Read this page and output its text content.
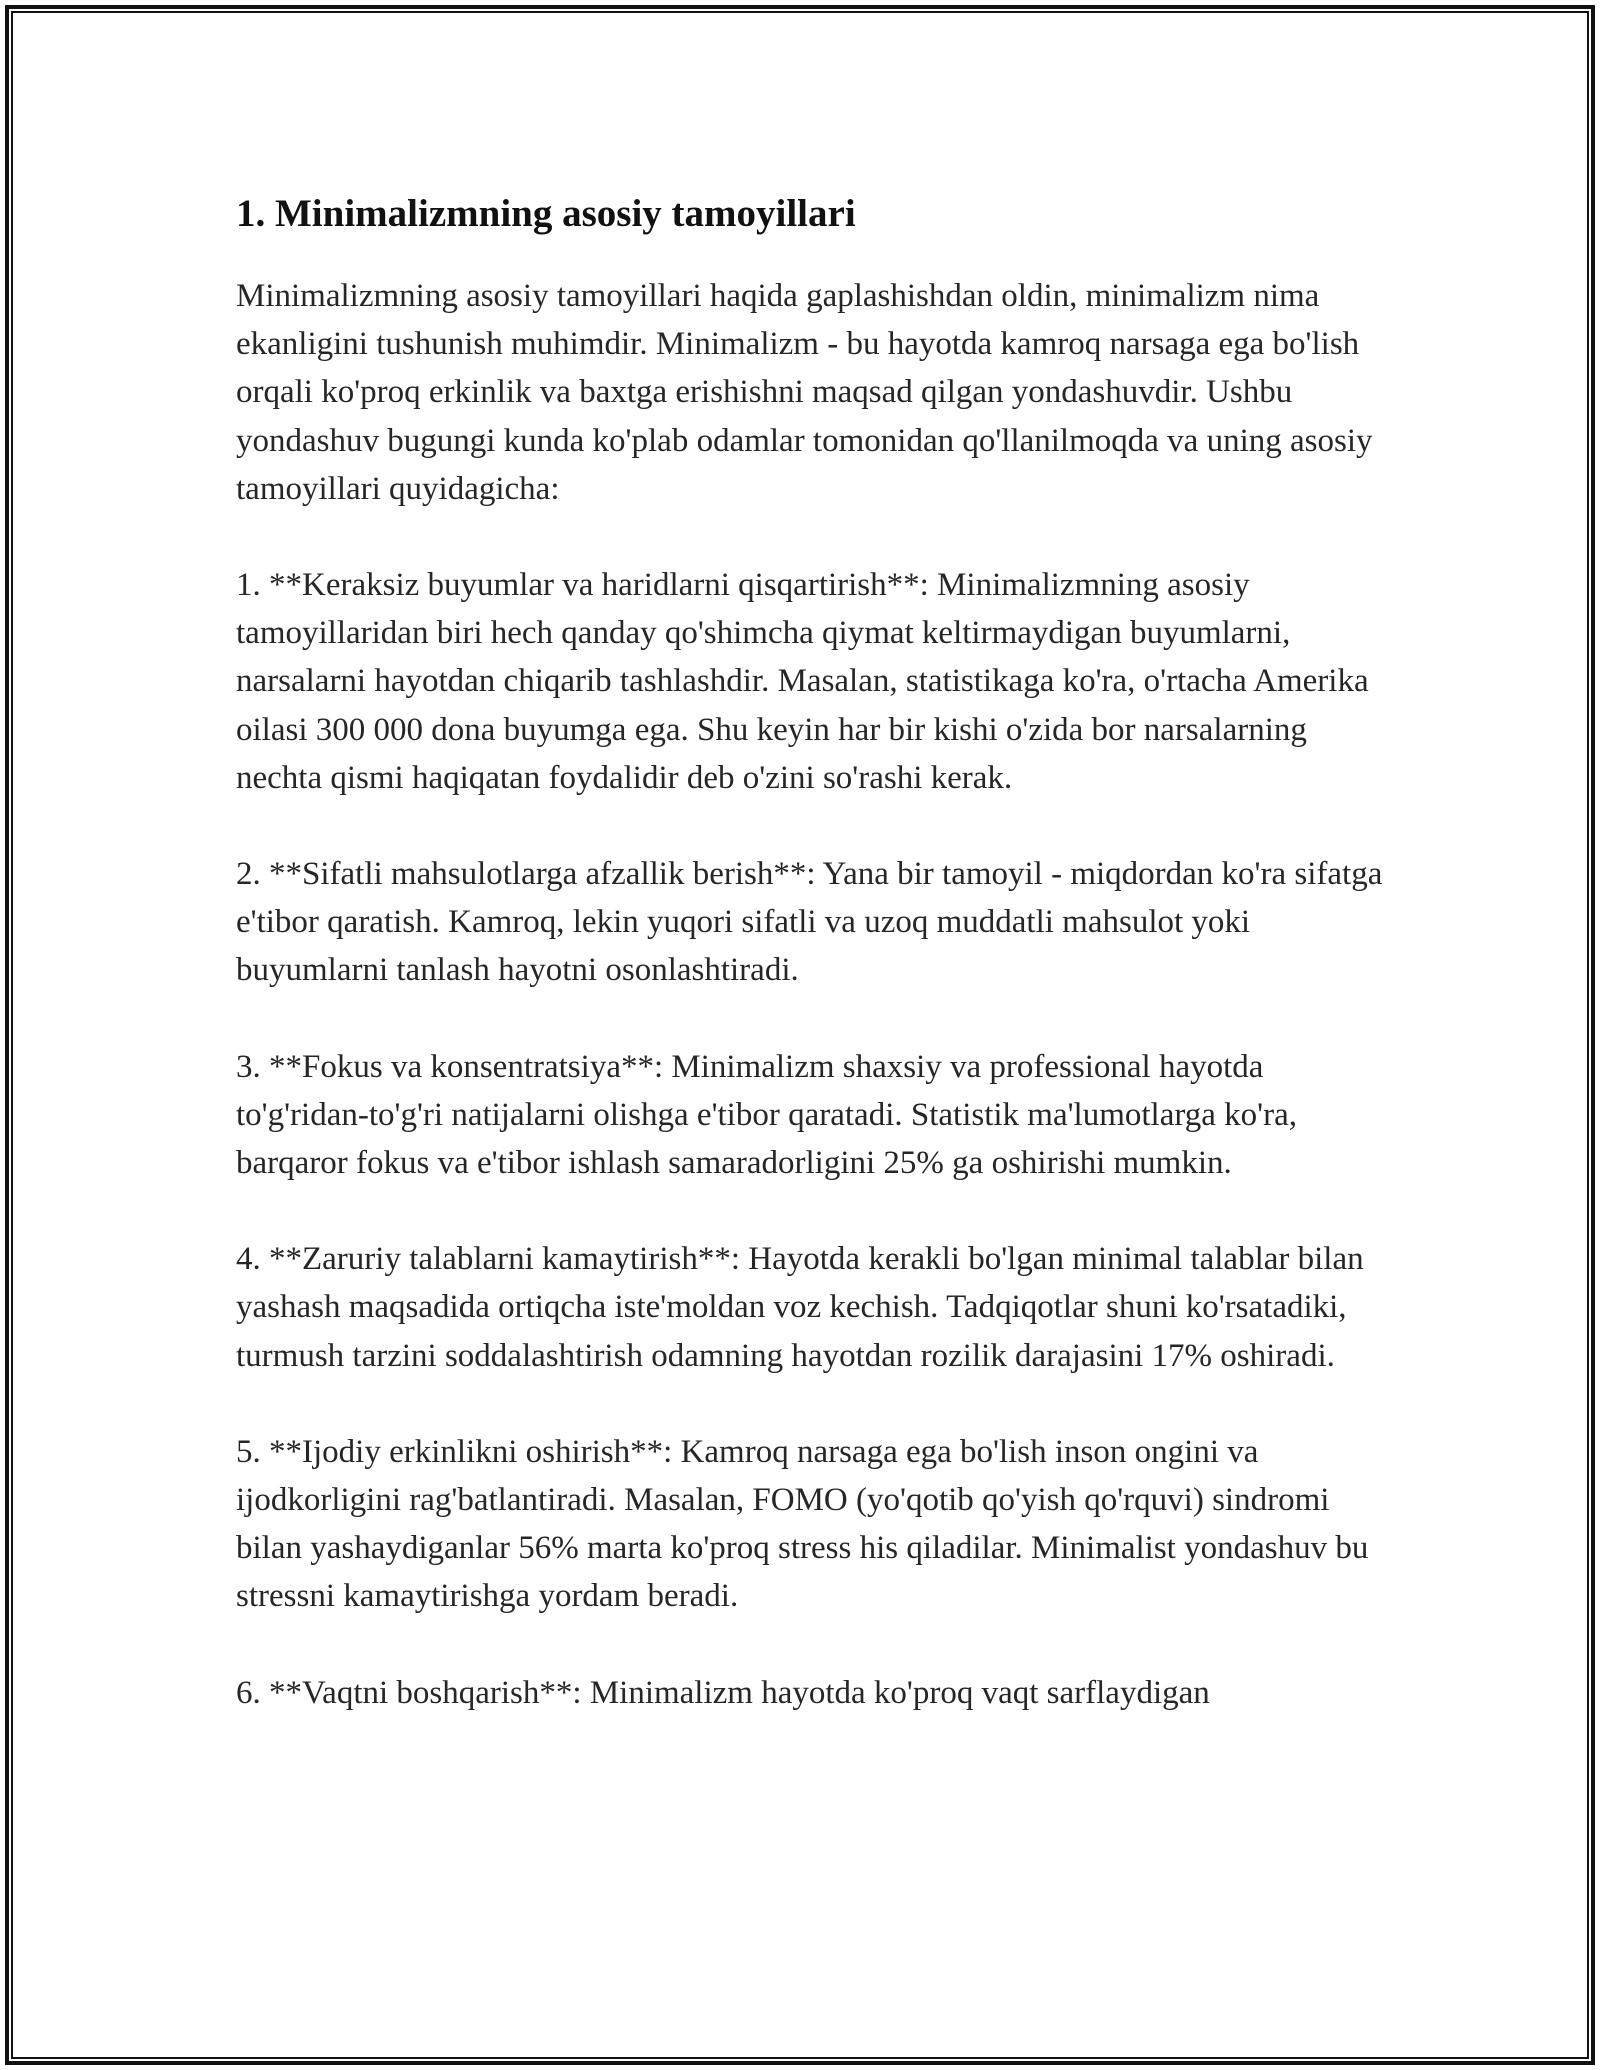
1. Minimalizmning asosiy tamoyillari

Minimalizmning asosiy tamoyillari haqida gaplashishdan oldin, minimalizm nima ekanligini tushunish muhimdir. Minimalizm - bu hayotda kamroq narsaga ega bo'lish orqali ko'proq erkinlik va baxtga erishishni maqsad qilgan yondashuvdir. Ushbu yondashuv bugungi kunda ko'plab odamlar tomonidan qo'llanilmoqda va uning asosiy tamoyillari quyidagicha:

1. **Keraksiz buyumlar va haridlarni qisqartirish**: Minimalizmning asosiy tamoyillaridan biri hech qanday qo'shimcha qiymat keltirmaydigan buyumlarni, narsalarni hayotdan chiqarib tashlashdir. Masalan, statistikaga ko'ra, o'rtacha Amerika oilasi 300 000 dona buyumga ega. Shu keyin har bir kishi o'zida bor narsalarning nechta qismi haqiqatan foydalidir deb o'zini so'rashi kerak.

2. **Sifatli mahsulotlarga afzallik berish**: Yana bir tamoyil - miqdordan ko'ra sifatga e'tibor qaratish. Kamroq, lekin yuqori sifatli va uzoq muddatli mahsulot yoki buyumlarni tanlash hayotni osonlashtiradi.

3. **Fokus va konsentratsiya**: Minimalizm shaxsiy va professional hayotda to'g'ridan-to'g'ri natijalarni olishga e'tibor qaratadi. Statistik ma'lumotlarga ko'ra, barqaror fokus va e'tibor ishlash samaradorligini 25% ga oshirishi mumkin.

4. **Zaruriy talablarni kamaytirish**: Hayotda kerakli bo'lgan minimal talablar bilan yashash maqsadida ortiqcha iste'moldan voz kechish. Tadqiqotlar shuni ko'rsatadiki, turmush tarzini soddalashtirish odamning hayotdan rozilik darajasini 17% oshiradi.

5. **Ijodiy erkinlikni oshirish**: Kamroq narsaga ega bo'lish inson ongini va ijodkorligini rag'batlantiradi. Masalan, FOMO (yo'qotib qo'yish qo'rquvi) sindromi bilan yashaydiganlar 56% marta ko'proq stress his qiladilar. Minimalist yondashuv bu stressni kamaytirishga yordam beradi.

6. **Vaqtni boshqarish**: Minimalizm hayotda ko'proq vaqt sarflaydigan
